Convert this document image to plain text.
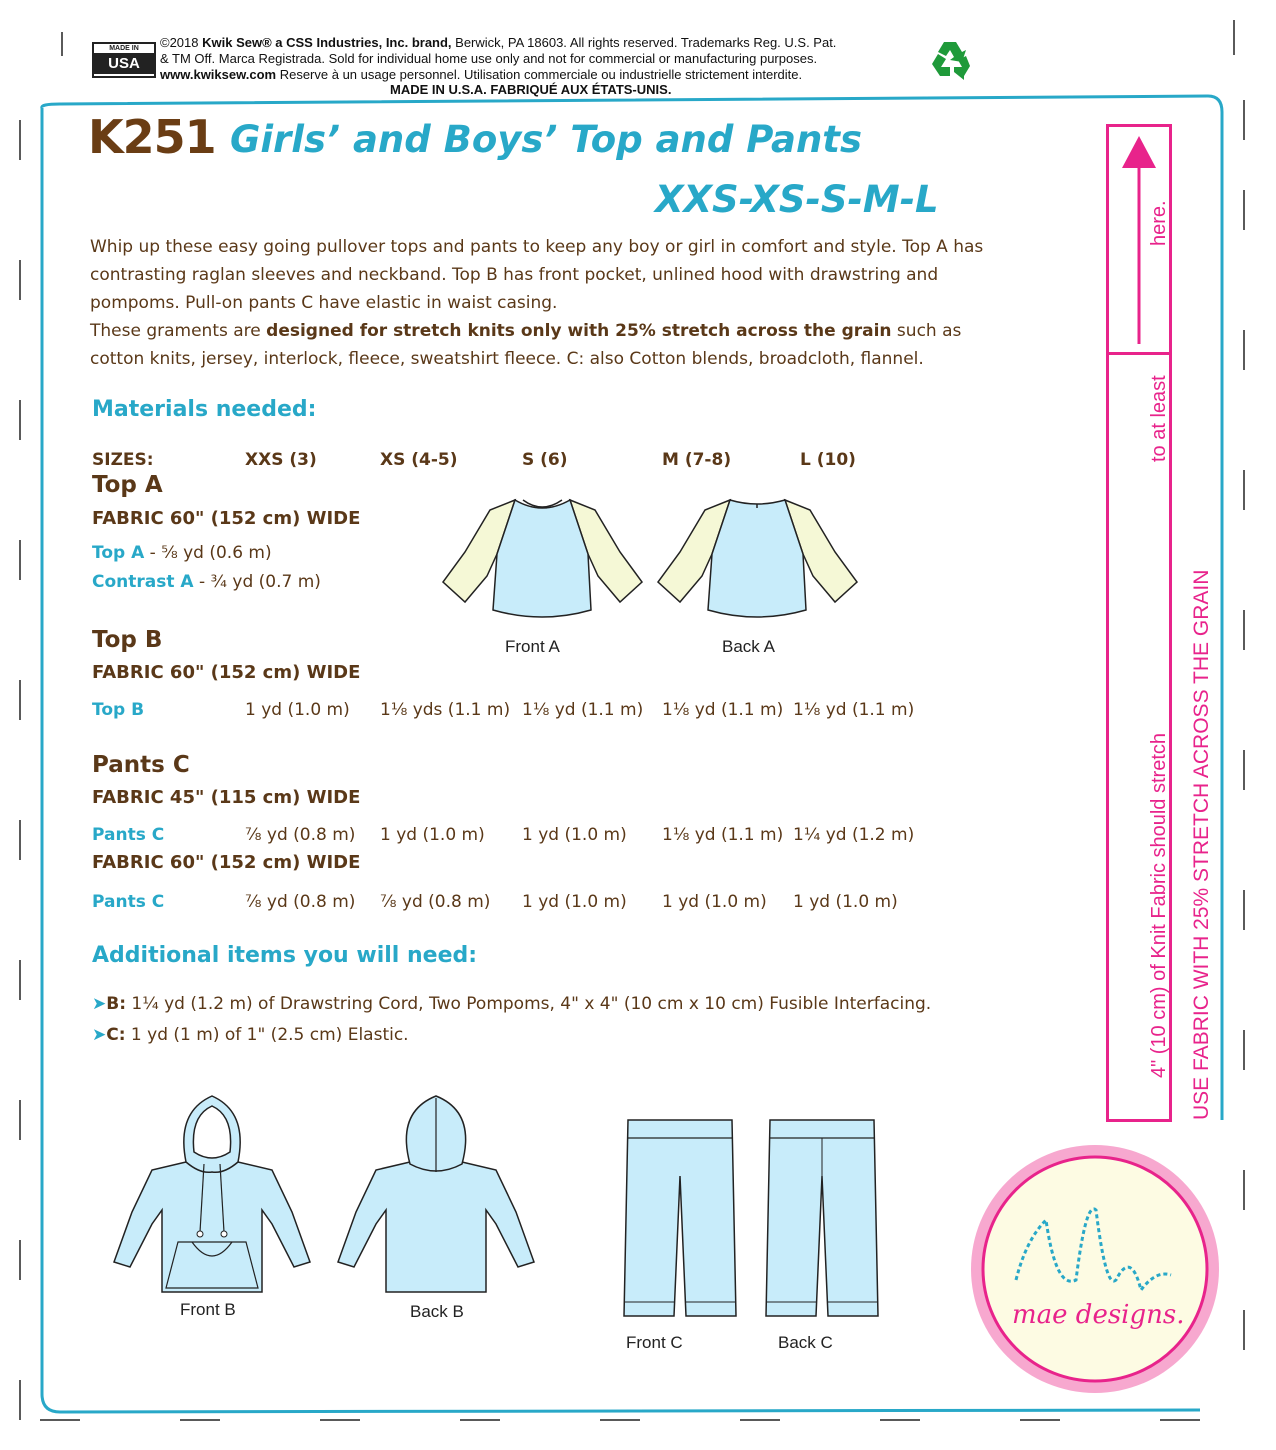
MADE IN
USA
©2018 Kwik Sew® a CSS Industries, Inc. brand, Berwick, PA 18603. All rights reserved. Trademarks Reg. U.S. Pat.
& TM Off. Marca Registrada. Sold for individual home use only and not for commercial or manufacturing purposes.
www.kwiksew.com Reserve à un usage personnel. Utilisation commerciale ou industrielle strictement interdite.
MADE IN U.S.A. FABRIQUÉ AUX ÉTATS-UNIS.
K251 Girls’ and Boys’ Top and Pants
XXS-XS-S-M-L

Whip up these easy going pullover tops and pants to keep any boy or girl in comfort and style. Top A has contrasting raglan sleeves and neckband. Top B has front pocket, unlined hood with drawstring and pompoms. Pull-on pants C have elastic in waist casing.

These graments are designed for stretch knits only with 25% stretch across the grain such as cotton knits, jersey, interlock, fleece, sweatshirt fleece. C: also Cotton blends, broadcloth, flannel.

Materials needed:
SIZES:	XXS (3)	XS (4-5)	S (6)	M (7-8)	L (10)
Top A
FABRIC 60" (152 cm) WIDE
Top A - ⅝ yd (0.6 m)
Contrast A - ¾ yd (0.7 m)
Front A	Back A
Top B
FABRIC 60" (152 cm) WIDE
Top B	1 yd (1.0 m) 1⅛ yds (1.1 m) 1⅛ yd (1.1 m) 1⅛ yd (1.1 m) 1⅛ yd (1.1 m)
Pants C
FABRIC 45" (115 cm) WIDE
Pants C	⅞ yd (0.8 m) 1 yd (1.0 m) 1 yd (1.0 m) 1⅛ yd (1.1 m) 1¼ yd (1.2 m)
FABRIC 60" (152 cm) WIDE
Pants C	⅞ yd (0.8 m) ⅞ yd (0.8 m) 1 yd (1.0 m) 1 yd (1.0 m) 1 yd (1.0 m)
Additional items you will need:
➤B: 1¼ yd (1.2 m) of Drawstring Cord, Two Pompoms, 4" x 4" (10 cm x 10 cm) Fusible Interfacing.
➤C: 1 yd (1 m) of 1" (2.5 cm) Elastic.
Front B	Back B
Front C	Back C
here.
to at least
4" (10 cm) of Knit Fabric should stretch USE FABRIC WITH 25% STRETCH ACROSS THE GRAIN
mae designs.
